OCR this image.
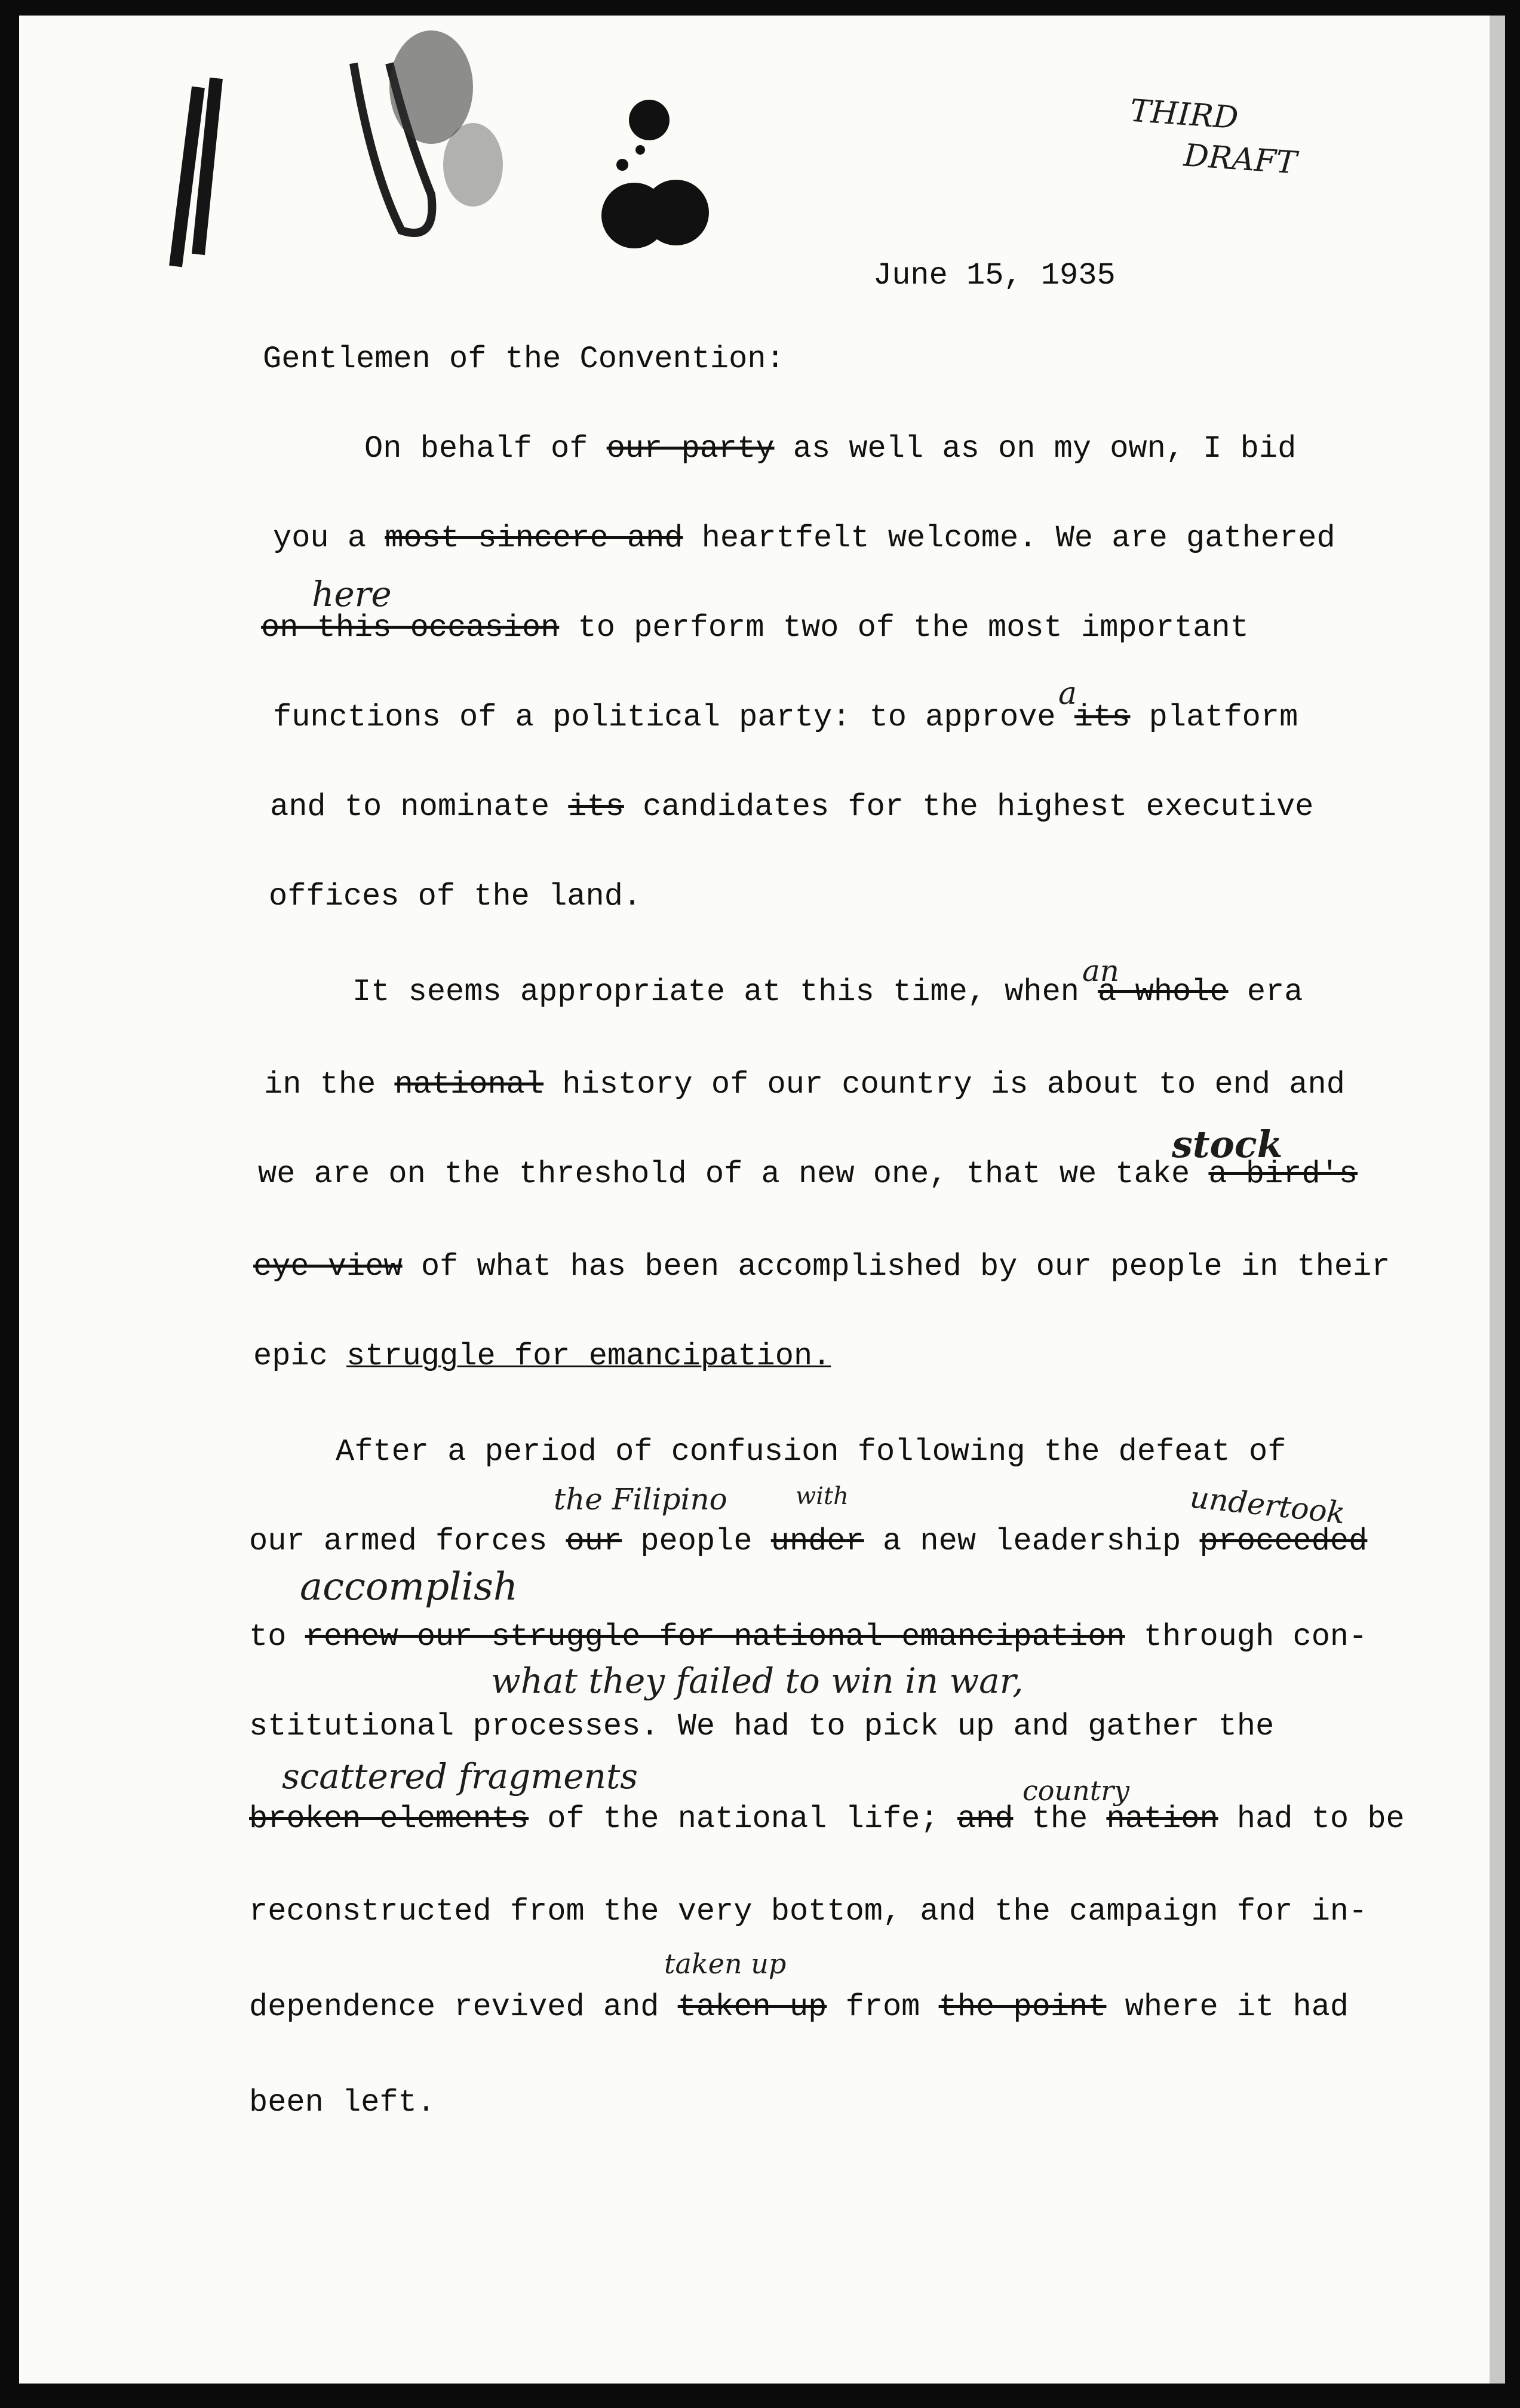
THIRD
DRAFT
June 15, 1935
Gentlemen of the Convention:
On behalf of our party as well as on my own, I bid
you a most sincere and heartfelt welcome. We are gathered
here
on this occasion to perform two of the most important
functions of a political party: to approve its platform
a
and to nominate its candidates for the highest executive
offices of the land.
It seems appropriate at this time, when a whole era
an
in the national history of our country is about to end and
we are on the threshold of a new one, that we take a bird's
stock
eye-view of what has been accomplished by our people in their
epic struggle for emancipation.
After a period of confusion following the defeat of
the Filipino	with	undertook
our armed forces our people under a new leadership proceeded
accomplish
to renew our struggle for national emancipation through con-
what they failed to win in war,
stitutional processes. We had to pick up and gather the
scattered fragments	country
broken elements of the national life; and the nation had to be
reconstructed from the very bottom, and the campaign for in-
taken up
dependence revived and taken up from the point where it had
been left.
